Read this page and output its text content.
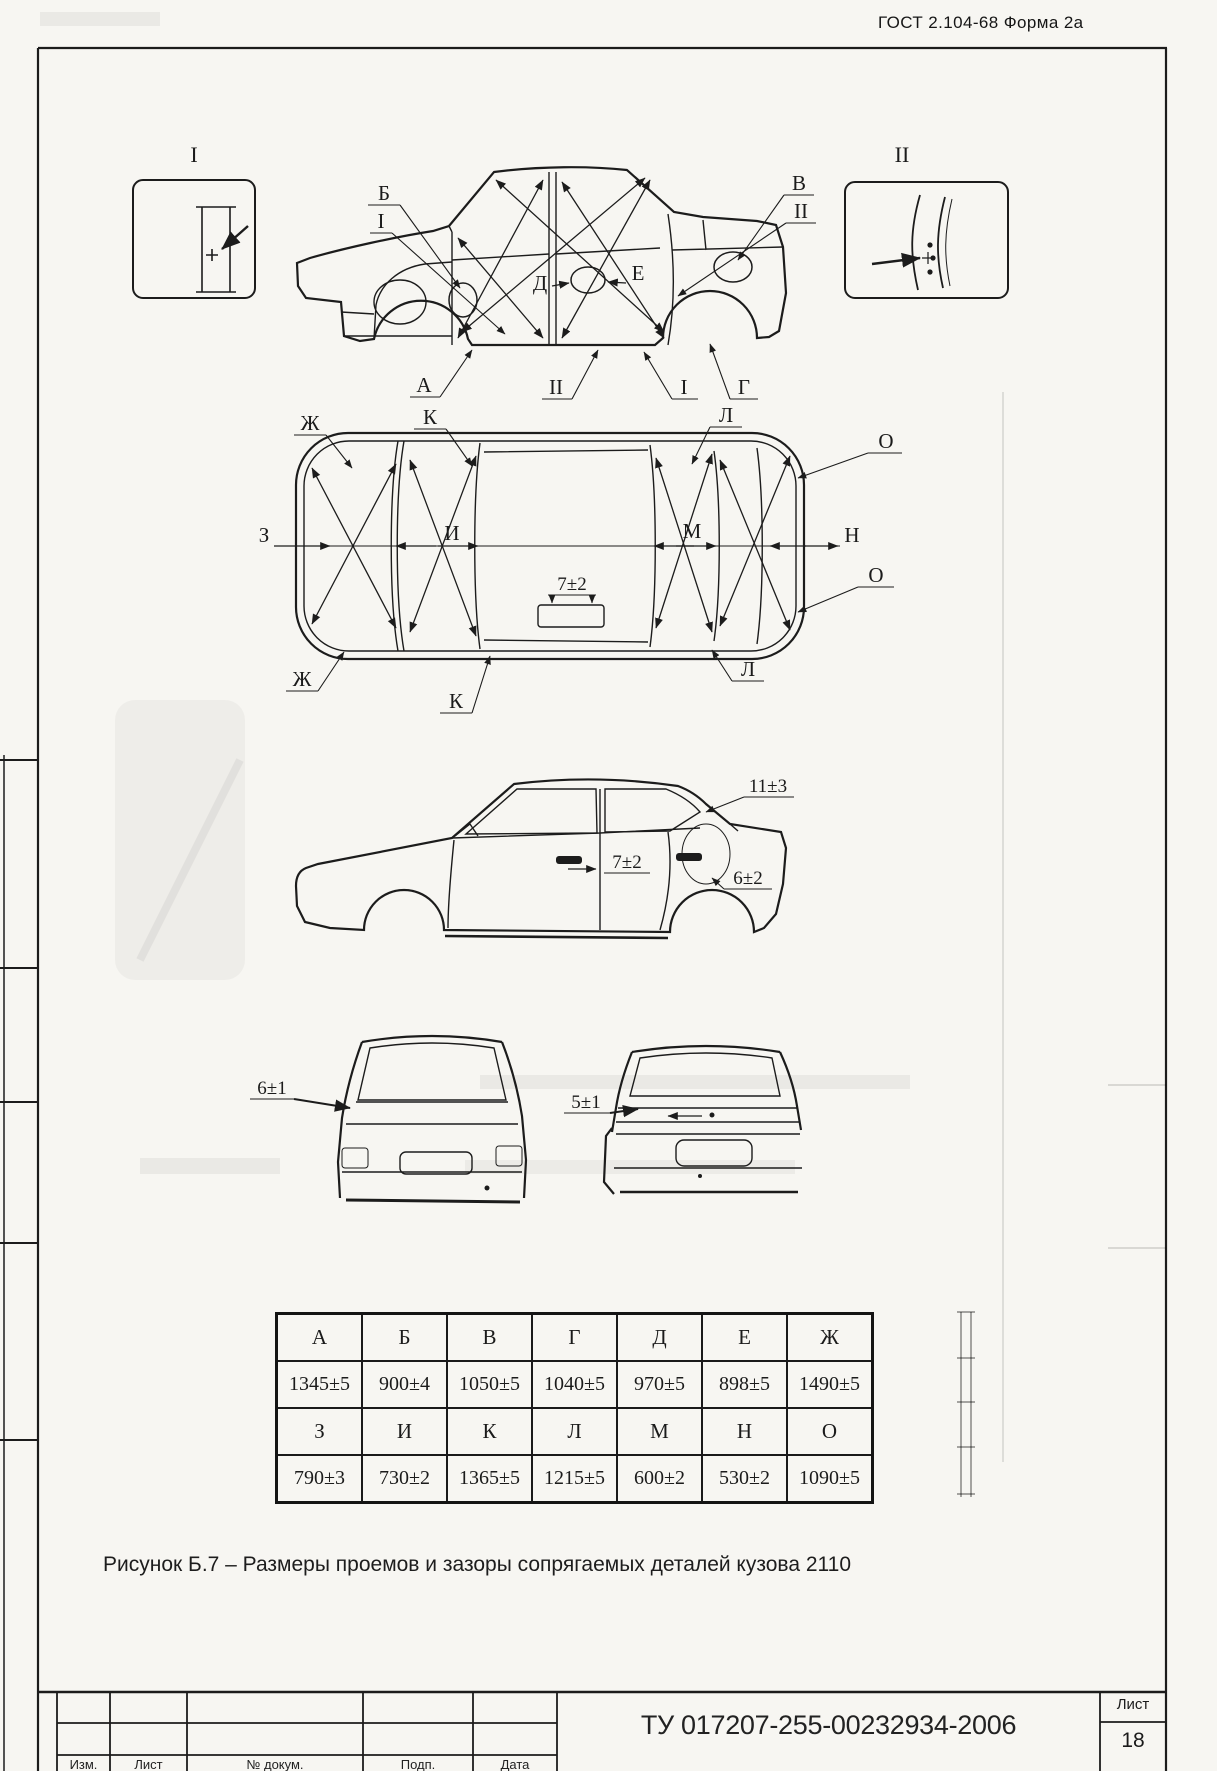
ГОСТ 2.104-68 Форма 2а
I	II
Б
I
В
II
Д	Е
А	II	I Г
7±2
Ж	К	Л
О
З	И	М	Н
О
Ж
К
Л
11±3
7±2
6±2
6±1
5±1
А	Б	В	Г	Д	Е	Ж
1345±5	900±4	1050±5	1040±5	970±5	898±5	1490±5
З	И	К	Л	М	Н	О
790±3	730±2	1365±5	1215±5	600±2	530±2	1090±5
Рисунок Б.7 – Размеры проемов и зазоры сопрягаемых деталей кузова 2110
ТУ 017207-255-00232934-2006
Лист
18
Изм.	Лист	№ докум.	Подп.	Дата
